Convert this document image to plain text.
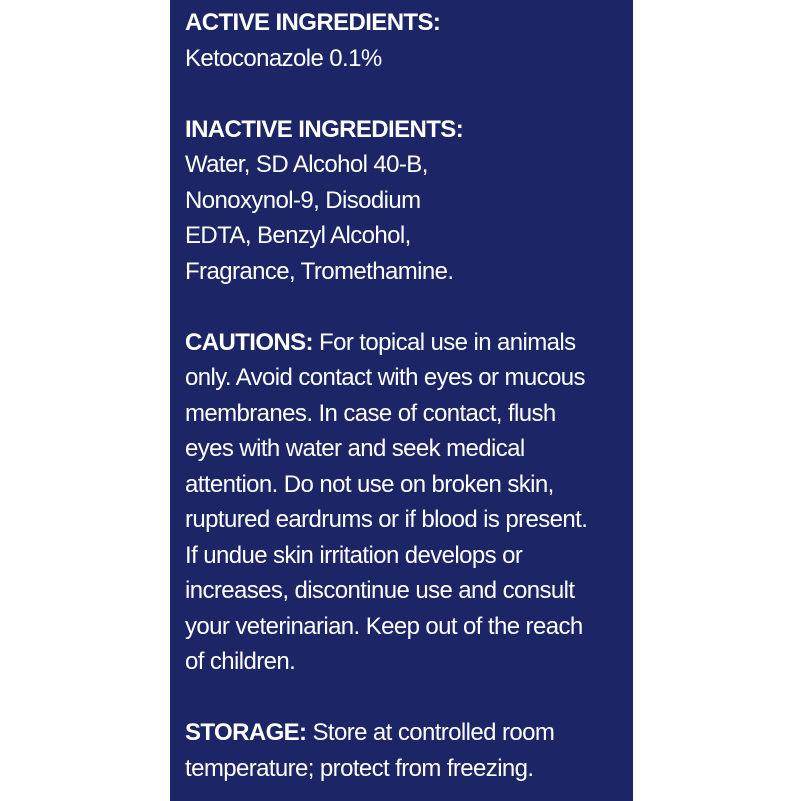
ACTIVE INGREDIENTS:
Ketoconazole 0.1%
INACTIVE INGREDIENTS:
Water, SD Alcohol 40-B,
Nonoxynol-9, Disodium
EDTA, Benzyl Alcohol,
Fragrance, Tromethamine.
CAUTIONS: For topical use in animals
only. Avoid contact with eyes or mucous
membranes. In case of contact, flush
eyes with water and seek medical
attention. Do not use on broken skin,
ruptured eardrums or if blood is present.
If undue skin irritation develops or
increases, discontinue use and consult
your veterinarian. Keep out of the reach
of children.
STORAGE: Store at controlled room
temperature; protect from freezing.
